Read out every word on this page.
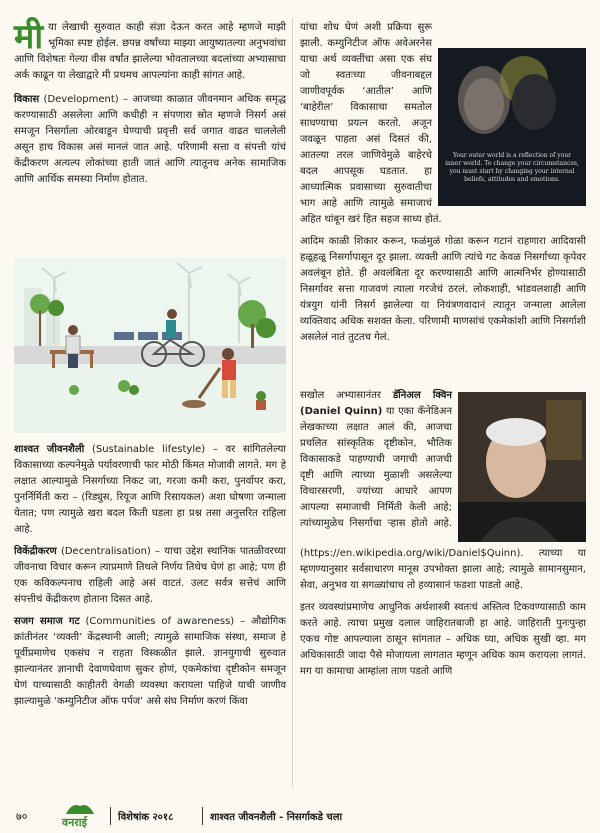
मी या लेखाची सुरुवात काही संज्ञा देऊन करत आहे म्हणजे माझी भूमिका स्पष्ट होईल. छपन्न वर्षांच्या माझ्या आयुष्यातल्या अनुभवांचा आणि विशेषतः गेल्या वीस वर्षांत झालेल्या भोवतालच्या बदलांच्या अभ्यासाचा अर्क काढून या लेखाद्वारे मी प्रथमच आपल्यांना काही सांगत आहे.

विकास (Development) – आजच्या काळात जीवनमान अधिक समृद्ध करण्यासाठी असलेला आणि कधीही न संपणारा स्रोत म्हणजे निसर्ग असं समजून निसर्गाला ओरबाडून घेण्याची प्रवृत्ती सर्व जगात वाढत चाललेली असून हाच विकास असं मानलं जात आहे. परिणामी सत्ता व संपत्ती यांचं केंद्रीकरण अत्यल्प लोकांच्या हाती जातं आणि त्यातूनच अनेक सामाजिक आणि आर्थिक समस्या निर्माण होतात.

शाश्वत जीवनशैली (Sustainable lifestyle) – वर सांगितलेल्या विकासाच्या कल्पनेमुळे पर्यावरणाची फार मोठी किंमत मोजावी लागते. मग हे लक्षात आल्यामुळे निसर्गाच्या निकट जा, गरजा कमी करा, पुनर्वापर करा, पुनर्निर्मिती करा – (रिड्युस, रियूज आणि रिसायकल) अशा घोषणा जन्माला येतात; पण त्यामुळे खरा बदल किती घडला हा प्रश्न तसा अनुत्तरित राहिला आहे.

विकेंद्रीकरण (Decentralisation) – याचा उद्देश स्थानिक पातळीवरच्या जीवनाचा विचार करून त्याप्रमाणे तिथले निर्णय तिथेच घेणं हा आहे; पण ही एक कविकल्पनाच राहिली आहे असं वाटतं. उलट सर्वत्र सत्तेचं आणि संपत्तीचं केंद्रीकरण होताना दिसत आहे.

सजग समाज गट (Communities of awareness) – औद्योगिक क्रांतीनंतर ‘व्यक्ती’ केंद्रस्थानी आली; त्यामुळे सामाजिक संस्था, समाज हे पूर्वीप्रमाणेच एकसंघ न राहता विस्कळीत झाले. ज्ञानयुगाची सुरुवात झाल्यानंतर ज्ञानाची देवाणघेवाण सुकर होणं, एकमेकांचा दृष्टीकोन समजून घेणं याच्यासाठी काहीतरी वेगळी व्यवस्था करायला पाहिजे याची जाणीव झाल्यामुळे ‘कम्युनिटीज ऑफ पर्पज’ असे संघ निर्माण करणं किंवा

Your outer world is a reflection of your
inner world. To change your circumstances,
you must start by changing your internal
beliefs, attitudes and emotions.

यांचा शोध घेणं अशी प्रक्रिया सुरू झाली. कम्युनिटीज ऑफ अवेअरनेस याचा अर्थ व्यक्तींचा असा एक संघ जो स्वतःच्या जीवनाबद्दल जाणीवपूर्वक ‘आतील’ आणि ‘बाहेरील’ विकासाचा समतोल साधण्याचा प्रयत्न करतो. अजून जवळून पाहता असं दिसतं की, आतल्या तरल जाणिवेमुळे बाहेरचे बदल आपसूक घडतात. हा आध्यात्मिक प्रवासाच्या सुरुवातीचा भाग आहे आणि त्यामुळे समाजाचं अहित थांबून खरं हित सहज साध्य होतं.

आदिम काळी शिकार करून, फळंमुळं गोळा करून गटानं राहणारा आदिवासी हळूहळू निसर्गापासून दूर झाला. व्यक्ती आणि त्यांचे गट केवळ निसर्गाच्या कृपेवर अवलंबून होते. ही अवलंबिता दूर करण्यासाठी आणि आत्मनिर्भर होण्यासाठी निसर्गावर सत्ता गाजवणं त्याला गरजेचं ठरलं. लोकशाही, भांडवलशाही आणि यंत्रयुग यांनी निसर्ग झालेल्या या नियंत्रणवादानं त्यातून जन्माला आलेला व्यक्तिवाद अधिक सशक्त केला. परिणामी माणसांचं एकमेकांशी आणि निसर्गाशी असलेलं नातं तुटतच गेलं.

सखोल अभ्यासानंतर डॅनिअल क्विन (Daniel Quinn) या एका कॅनेडिअन लेखकाच्या लक्षात आलं की, आजचा प्रचलित सांस्कृतिक दृष्टीकोन, भौतिक विकासाकडे पाहण्याची जगाची आजची दृष्टी आणि त्याच्या मुळाशी असलेल्या विचारसरणी, ज्यांच्या आधारे आपण आपल्या समाजाची निर्मिती केली आहे; त्यांच्यामुळेच निसर्गाचा ऱ्हास होतो आहे. (https://en.wikipedia.org/wiki/Daniel$Quinn). त्याच्या या म्हणण्यानुसार सर्वसाधारण मानूस उपभोक्ता झाला आहे; त्यामुळे सामानसुमान, सेवा, अनुभव या सगळ्यांचाच तो हव्यासानं फडशा पाडतो आहे.

इतर व्यवस्थांप्रमाणेच आधुनिक अर्थशास्त्री स्वतःचं अस्तित्व टिकवण्यासाठी काम करते आहे. त्याचा प्रमुख दलाल जाहिरातबाजी हा आहे. जाहिराती पुनःपुन्हा एकच गोष्ट आपल्याला ठासून सांगतात – अधिक घ्या, अधिक सुखी व्हा. मग अधिकासाठी जादा पैसे मोजायला लागतात म्हणून अधिक काम करायला लागतं. मग या कामाचा आम्हांला ताण पडतो आणि

७०	वनराई	विशेषांक २०१८	शाश्वत जीवनशैली - निसर्गाकडे चला
